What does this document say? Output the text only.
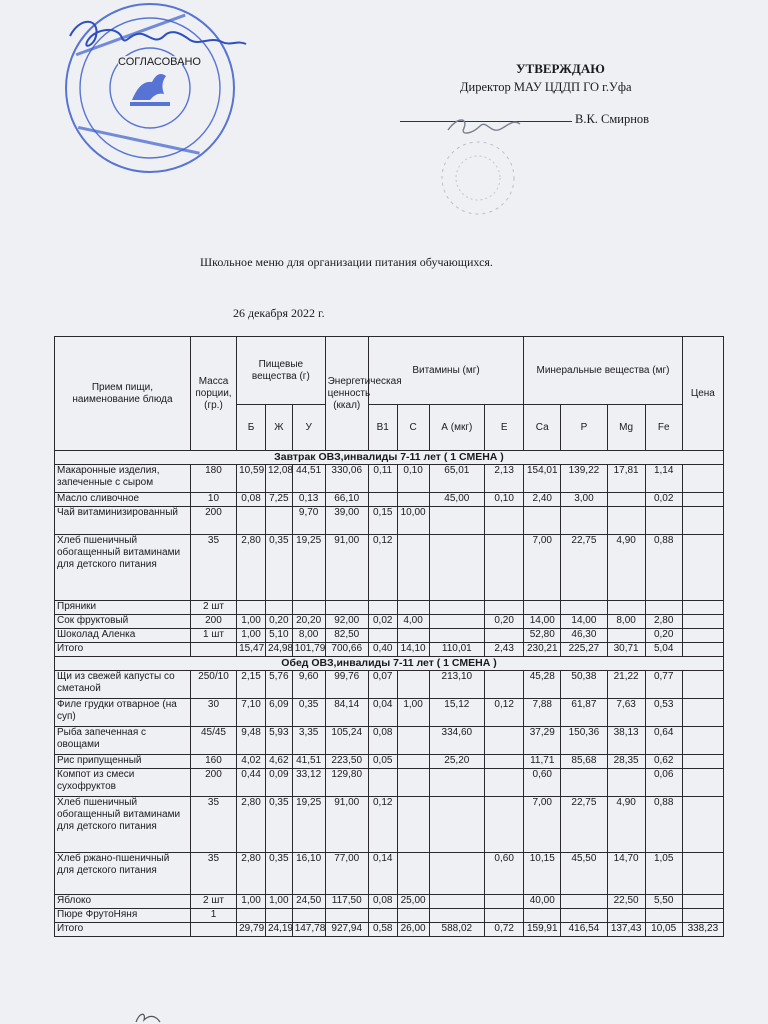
СОГЛАСОВАНО	УТВЕРЖДАЮ
Директор МАУ ЦДДП ГО г.Уфа
В.К. Смирнов
Школьное меню для организации питания обучающихся.
26 декабря 2022 г.
Прием пищи, наименование блюда	Масса порции, (гр.)	Пищевые вещества (г)			Энергетическая ценность (ккал)	Витамины (мг)				Минеральные вещества (мг)				Цена
		Б	Ж	У		В1	С	А (мкг)	Е	Са	Р	Mg	Fe	
Завтрак ОВЗ,инвалиды 7-11 лет ( 1 СМЕНА )														
Макаронные изделия, запеченные с сыром	180	10,59	12,08	44,51	330,06	0,11	0,10	65,01	2,13	154,01	139,22	17,81	1,14	
Масло сливочное	10	0,08	7,25	0,13	66,10			45,00	0,10	2,40	3,00		0,02	
Чай витаминизированный	200			9,70	39,00	0,15	10,00							
Хлеб пшеничный обогащенный витаминами для детского питания	35	2,80	0,35	19,25	91,00	0,12				7,00	22,75	4,90	0,88	
Пряники	2 шт													
Сок фруктовый	200	1,00	0,20	20,20	92,00	0,02	4,00		0,20	14,00	14,00	8,00	2,80	
Шоколад Аленка	1 шт	1,00	5,10	8,00	82,50					52,80	46,30		0,20	
Итого		15,47	24,98	101,79	700,66	0,40	14,10	110,01	2,43	230,21	225,27	30,71	5,04	
Обед ОВЗ,инвалиды 7-11 лет ( 1 СМЕНА )														
Щи из свежей капусты со сметаной	250/10	2,15	5,76	9,60	99,76	0,07		213,10		45,28	50,38	21,22	0,77	
Филе грудки отварное (на суп)	30	7,10	6,09	0,35	84,14	0,04	1,00	15,12	0,12	7,88	61,87	7,63	0,53	
Рыба запеченная с овощами	45/45	9,48	5,93	3,35	105,24	0,08		334,60		37,29	150,36	38,13	0,64	
Рис припущенный	160	4,02	4,62	41,51	223,50	0,05		25,20		11,71	85,68	28,35	0,62	
Компот из смеси сухофруктов	200	0,44	0,09	33,12	129,80					0,60			0,06	
Хлеб пшеничный обогащенный витаминами для детского питания	35	2,80	0,35	19,25	91,00	0,12				7,00	22,75	4,90	0,88	
Хлеб ржано-пшеничный для детского питания	35	2,80	0,35	16,10	77,00	0,14			0,60	10,15	45,50	14,70	1,05	
Яблоко	2 шт	1,00	1,00	24,50	117,50	0,08	25,00			40,00		22,50	5,50	
Пюре ФрутоНяня	1													
Итого		29,79	24,19	147,78	927,94	0,58	26,00	588,02	0,72	159,91	416,54	137,43	10,05	338,23
